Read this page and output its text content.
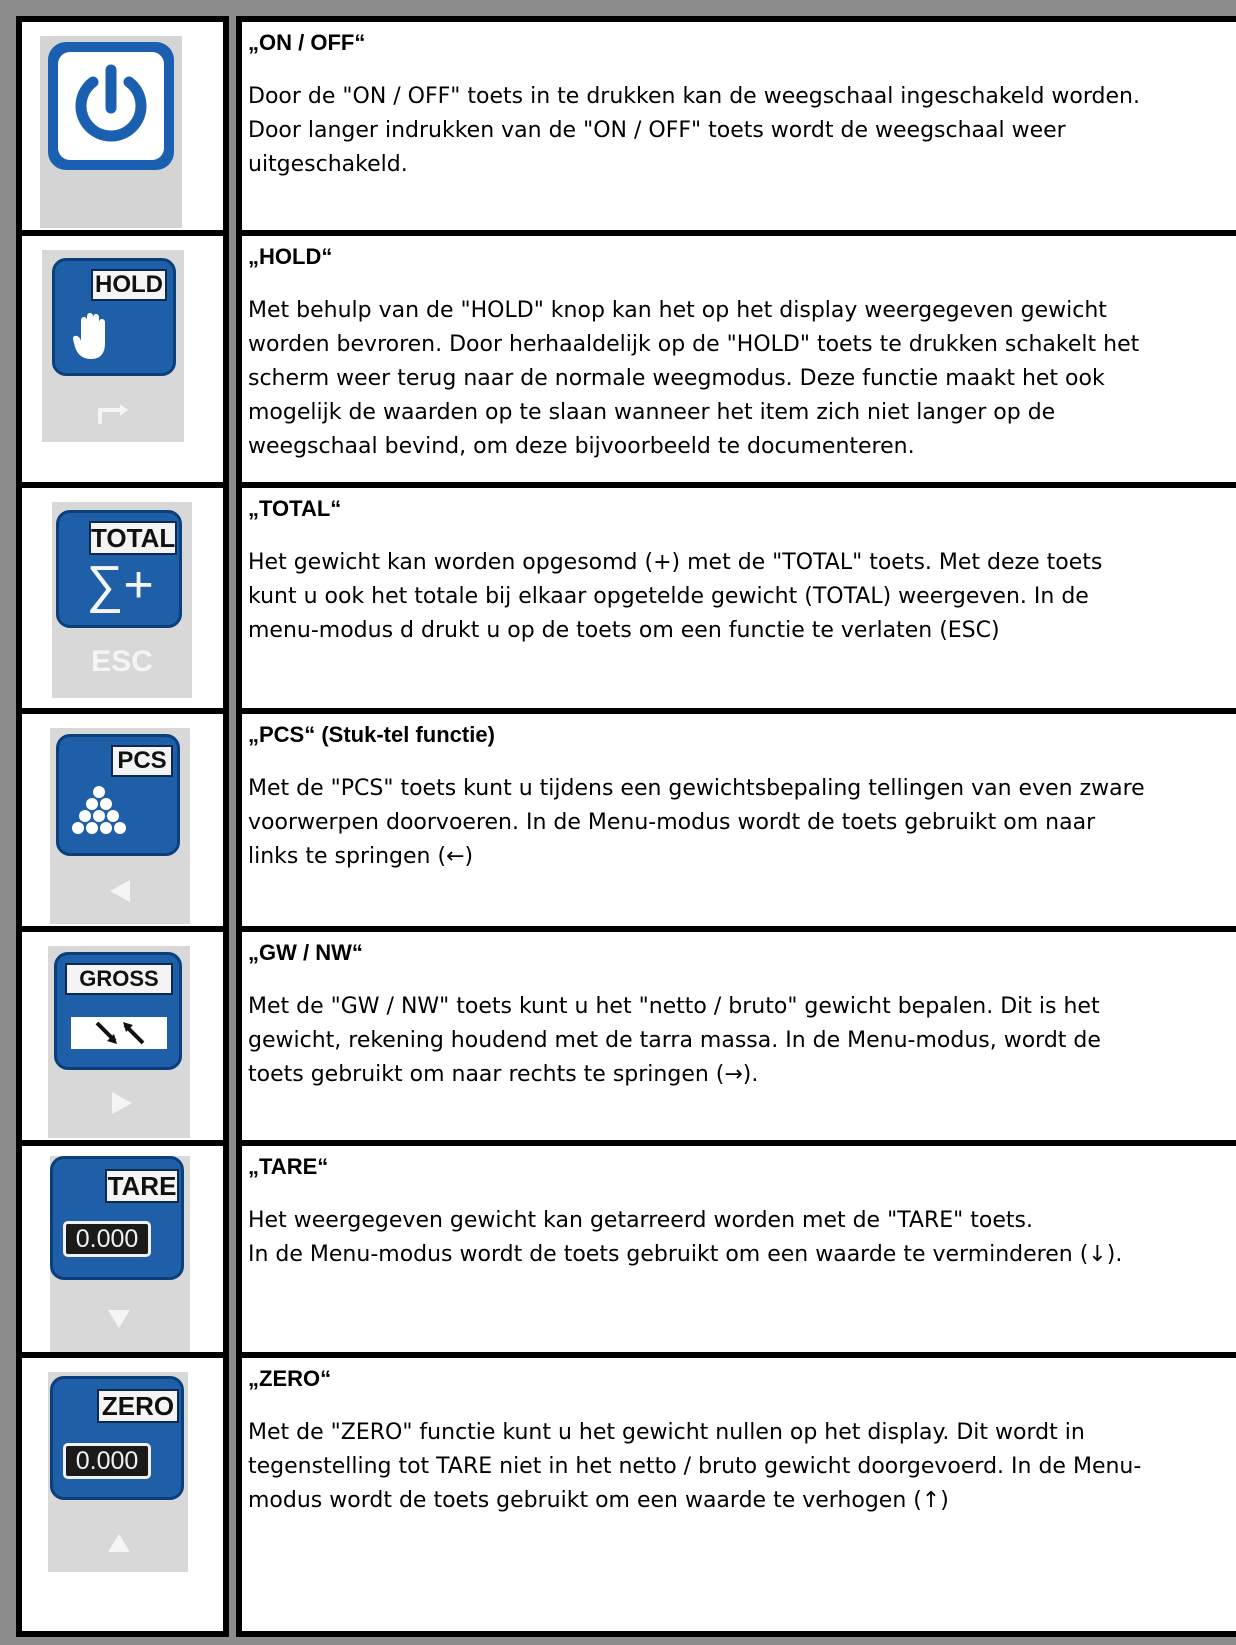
„ON / OFF“

Door de "ON / OFF" toets in te drukken kan de weegschaal ingeschakeld worden.
Door langer indrukken van de "ON / OFF" toets wordt de weegschaal weer
uitgeschakeld.

HOLD

„HOLD“

Met behulp van de "HOLD" knop kan het op het display weergegeven gewicht
worden bevroren. Door herhaaldelijk op de "HOLD" toets te drukken schakelt het
scherm weer terug naar de normale weegmodus. Deze functie maakt het ook
mogelijk de waarden op te slaan wanneer het item zich niet langer op de
weegschaal bevind, om deze bijvoorbeeld te documenteren.

TOTAL
∑+
ESC

„TOTAL“

Het gewicht kan worden opgesomd (+) met de "TOTAL" toets. Met deze toets
kunt u ook het totale bij elkaar opgetelde gewicht (TOTAL) weergeven. In de
menu-modus d drukt u op de toets om een functie te verlaten (ESC)

PCS

„PCS“ (Stuk-tel functie)

Met de "PCS" toets kunt u tijdens een gewichtsbepaling tellingen van even zware
voorwerpen doorvoeren. In de Menu-modus wordt de toets gebruikt om naar
links te springen (←)

GROSS

„GW / NW“

Met de "GW / NW" toets kunt u het "netto / bruto" gewicht bepalen. Dit is het
gewicht, rekening houdend met de tarra massa. In de Menu-modus, wordt de
toets gebruikt om naar rechts te springen (→).

TARE
0.000

„TARE“

Het weergegeven gewicht kan getarreerd worden met de "TARE" toets.
In de Menu-modus wordt de toets gebruikt om een waarde te verminderen (↓).

ZERO
0.000

„ZERO“

Met de "ZERO" functie kunt u het gewicht nullen op het display. Dit wordt in
tegenstelling tot TARE niet in het netto / bruto gewicht doorgevoerd. In de Menu-
modus wordt de toets gebruikt om een waarde te verhogen (↑)
